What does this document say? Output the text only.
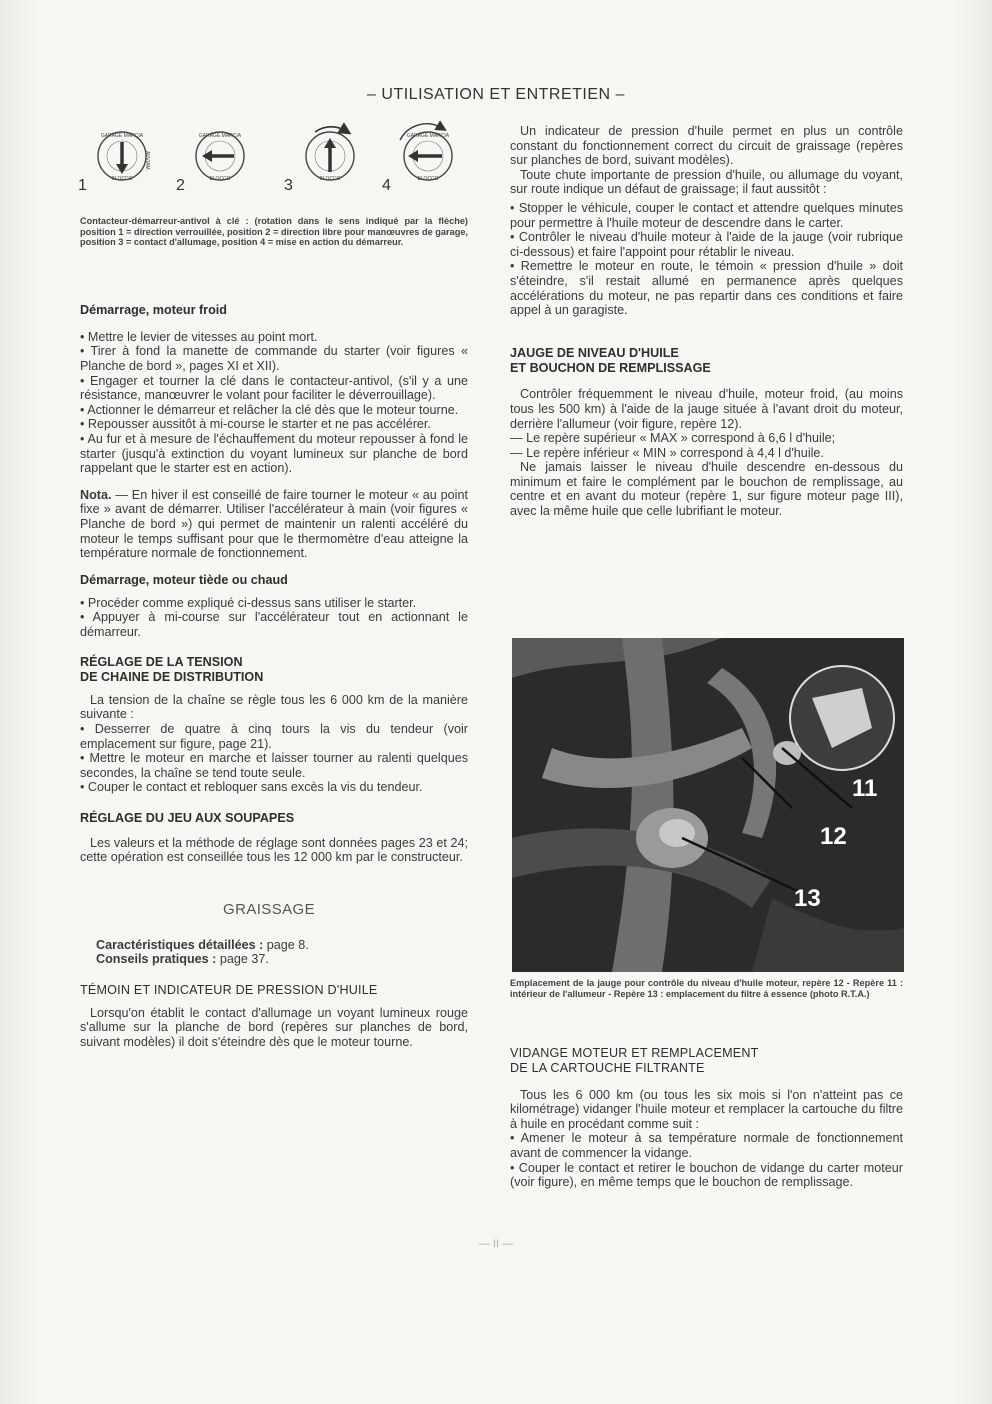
– UTILISATION ET ENTRETIEN –
GARAGE MARCIA
BLOCCO
GARAGE MARCIA
BLOCCO	BLOCCO
GARAGE MARCIA
BLOCCO
AVVIAM.
1	2	3	4
Contacteur-démarreur-antivol à clé : (rotation dans le sens indiqué par la flèche) position 1 = direction verrouillée, position 2 = direction libre pour manœuvres de garage, position 3 = contact d'allumage, position 4 = mise en action du démarreur.
Démarrage, moteur froid

• Mettre le levier de vitesses au point mort.

• Tirer à fond la manette de commande du starter (voir figures « Planche de bord », pages XI et XII).

• Engager et tourner la clé dans le contacteur-antivol, (s'il y a une résistance, manœuvrer le volant pour faciliter le déverrouillage).

• Actionner le démarreur et relâcher la clé dès que le moteur tourne.

• Repousser aussitôt à mi-course le starter et ne pas accélérer.

• Au fur et à mesure de l'échauffement du moteur repousser à fond le starter (jusqu'à extinction du voyant lumineux sur planche de bord rappelant que le starter est en action).

Nota. — En hiver il est conseillé de faire tourner le moteur « au point fixe » avant de démarrer. Utiliser l'accélérateur à main (voir figures « Planche de bord ») qui permet de maintenir un ralenti accéléré du moteur le temps suffisant pour que le thermomètre d'eau atteigne la température normale de fonctionnement.

Démarrage, moteur tiède ou chaud

• Procéder comme expliqué ci-dessus sans utiliser le starter.

• Appuyer à mi-course sur l'accélérateur tout en actionnant le démarreur.

RÉGLAGE DE LA TENSION
DE CHAINE DE DISTRIBUTION

La tension de la chaîne se règle tous les 6 000 km de la manière suivante :

• Desserrer de quatre à cinq tours la vis du tendeur (voir emplacement sur figure, page 21).

• Mettre le moteur en marche et laisser tourner au ralenti quelques secondes, la chaîne se tend toute seule.

• Couper le contact et rebloquer sans excès la vis du tendeur.

RÉGLAGE DU JEU AUX SOUPAPES

Les valeurs et la méthode de réglage sont données pages 23 et 24; cette opération est conseillée tous les 12 000 km par le constructeur.

GRAISSAGE
Caractéristiques détaillées : page 8.
Conseils pratiques : page 37.
TÉMOIN ET INDICATEUR DE PRESSION D'HUILE

Lorsqu'on établit le contact d'allumage un voyant lumineux rouge s'allume sur la planche de bord (repères sur planches de bord, suivant modèles) il doit s'éteindre dès que le moteur tourne.

Un indicateur de pression d'huile permet en plus un contrôle constant du fonctionnement correct du circuit de graissage (repères sur planches de bord, suivant modèles).

Toute chute importante de pression d'huile, ou allumage du voyant, sur route indique un défaut de graissage; il faut aussitôt :

• Stopper le véhicule, couper le contact et attendre quelques minutes pour permettre à l'huile moteur de descendre dans le carter.

• Contrôler le niveau d'huile moteur à l'aide de la jauge (voir rubrique ci-dessous) et faire l'appoint pour rétablir le niveau.

• Remettre le moteur en route, le témoin « pression d'huile » doit s'éteindre, s'il restait allumé en permanence après quelques accélérations du moteur, ne pas repartir dans ces conditions et faire appel à un garagiste.

JAUGE DE NIVEAU D'HUILE
ET BOUCHON DE REMPLISSAGE

Contrôler fréquemment le niveau d'huile, moteur froid, (au moins tous les 500 km) à l'aide de la jauge située à l'avant droit du moteur, derrière l'allumeur (voir figure, repère 12).

— Le repère supérieur « MAX » correspond à 6,6 l d'huile;

— Le repère inférieur « MIN » correspond à 4,4 l d'huile.

Ne jamais laisser le niveau d'huile descendre en-dessous du minimum et faire le complément par le bouchon de remplissage, au centre et en avant du moteur (repère 1, sur figure moteur page III), avec la même huile que celle lubrifiant le moteur.

11
12
13
Emplacement de la jauge pour contrôle du niveau d'huile moteur, repère 12 - Repère 11 : intérieur de l'allumeur - Repère 13 : emplacement du filtre à essence (photo R.T.A.)
VIDANGE MOTEUR ET REMPLACEMENT
DE LA CARTOUCHE FILTRANTE

Tous les 6 000 km (ou tous les six mois si l'on n'atteint pas ce kilométrage) vidanger l'huile moteur et remplacer la cartouche du filtre à huile en procédant comme suit :

• Amener le moteur à sa température normale de fonctionnement avant de commencer la vidange.

• Couper le contact et retirer le bouchon de vidange du carter moteur (voir figure), en même temps que le bouchon de remplissage.

— II —
